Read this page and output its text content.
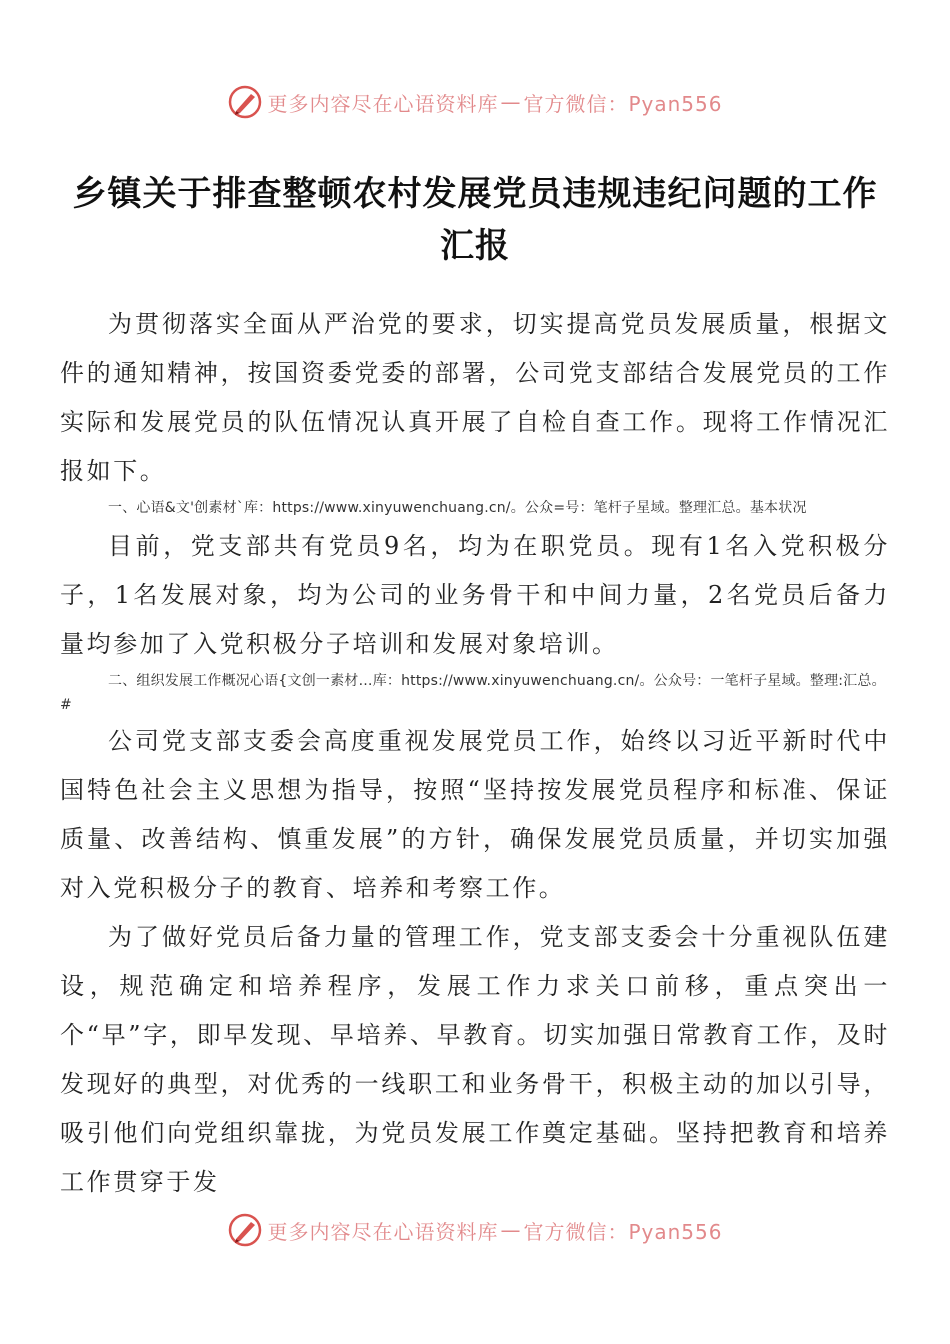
更多内容尽在心语资料库 — 官方微信：Pyan556
乡镇关于排查整顿农村发展党员违规违纪问题的工作汇报

为贯彻落实全面从严治党的要求，切实提高党员发展质量，根据文件的通知精神，按国资委党委的部署，公司党支部结合发展党员的工作实际和发展党员的队伍情况认真开展了自检自查工作。现将工作情况汇报如下。

一、心语&文'创素材`库：https://www.xinyuwenchuang.cn/。公众=号：笔杆子星域。整理汇总。基本状况

目前，党支部共有党员9名，均为在职党员。现有1名入党积极分子，1名发展对象，均为公司的业务骨干和中间力量，2名党员后备力量均参加了入党积极分子培训和发展对象培训。

二、组织发展工作概况心语{文创一素材…库：https://www.xinyuwenchuang.cn/。公众号：一笔杆子星域。整理:汇总。#

公司党支部支委会高度重视发展党员工作，始终以习近平新时代中国特色社会主义思想为指导，按照“坚持按发展党员程序和标准、保证质量、改善结构、慎重发展”的方针，确保发展党员质量，并切实加强对入党积极分子的教育、培养和考察工作。

为了做好党员后备力量的管理工作，党支部支委会十分重视队伍建设，规范确定和培养程序，发展工作力求关口前移，重点突出一个“早”字，即早发现、早培养、早教育。切实加强日常教育工作，及时发现好的典型，对优秀的一线职工和业务骨干，积极主动的加以引导，吸引他们向党组织靠拢，为党员发展工作奠定基础。坚持把教育和培养工作贯穿于发

更多内容尽在心语资料库 — 官方微信：Pyan556
